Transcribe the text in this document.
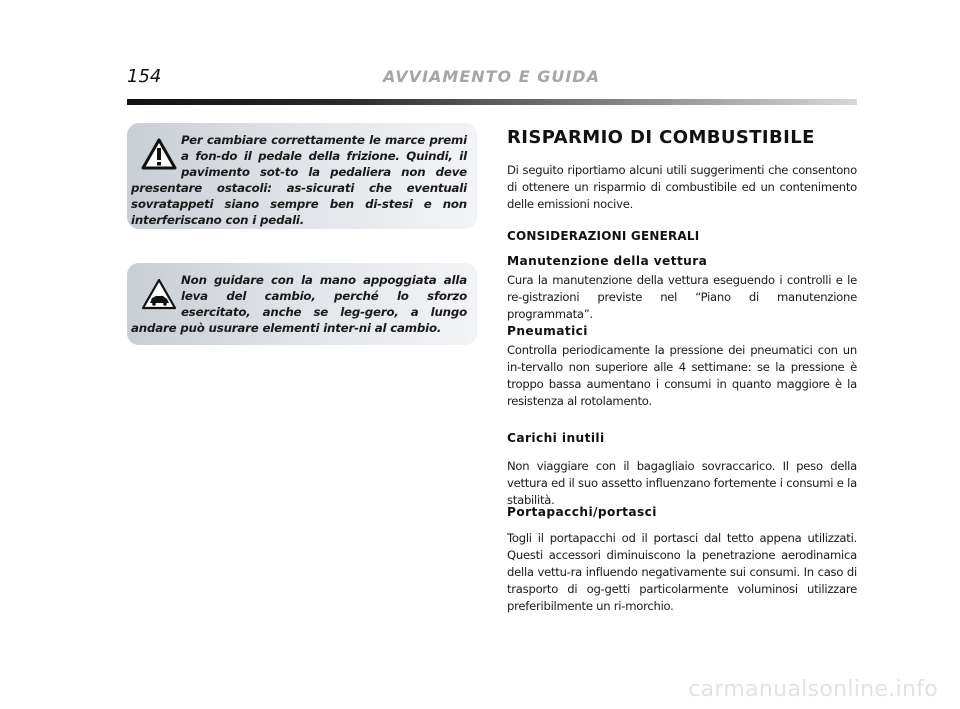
154	AVVIAMENTO E GUIDA
Per cambiare correttamente le marce premi a fon-do il pedale della frizione. Quindi, il pavimento sot-to la pedaliera non deve presentare ostacoli: as-sicurati che eventuali sovratappeti siano sempre ben di-stesi e non interferiscano con i pedali.
Non guidare con la mano appoggiata alla leva del cambio, perché lo sforzo esercitato, anche se leg-gero, a lungo andare può usurare elementi inter-ni al cambio.
RISPARMIO DI COMBUSTIBILE

Di seguito riportiamo alcuni utili suggerimenti che consentono di ottenere un risparmio di combustibile ed un contenimento delle emissioni nocive.

CONSIDERAZIONI GENERALI
Manutenzione della vettura

Cura la manutenzione della vettura eseguendo i controlli e le re-gistrazioni previste nel “Piano di manutenzione programmata”.

Pneumatici

Controlla periodicamente la pressione dei pneumatici con un in-tervallo non superiore alle 4 settimane: se la pressione è troppo bassa aumentano i consumi in quanto maggiore è la resistenza al rotolamento.

Carichi inutili

Non viaggiare con il bagagliaio sovraccarico. Il peso della vettura ed il suo assetto influenzano fortemente i consumi e la stabilità.

Portapacchi/portasci

Togli il portapacchi od il portasci dal tetto appena utilizzati. Questi accessori diminuiscono la penetrazione aerodinamica della vettu-ra influendo negativamente sui consumi. In caso di trasporto di og-getti particolarmente voluminosi utilizzare preferibilmente un ri-morchio.

carmanualsonline.info
